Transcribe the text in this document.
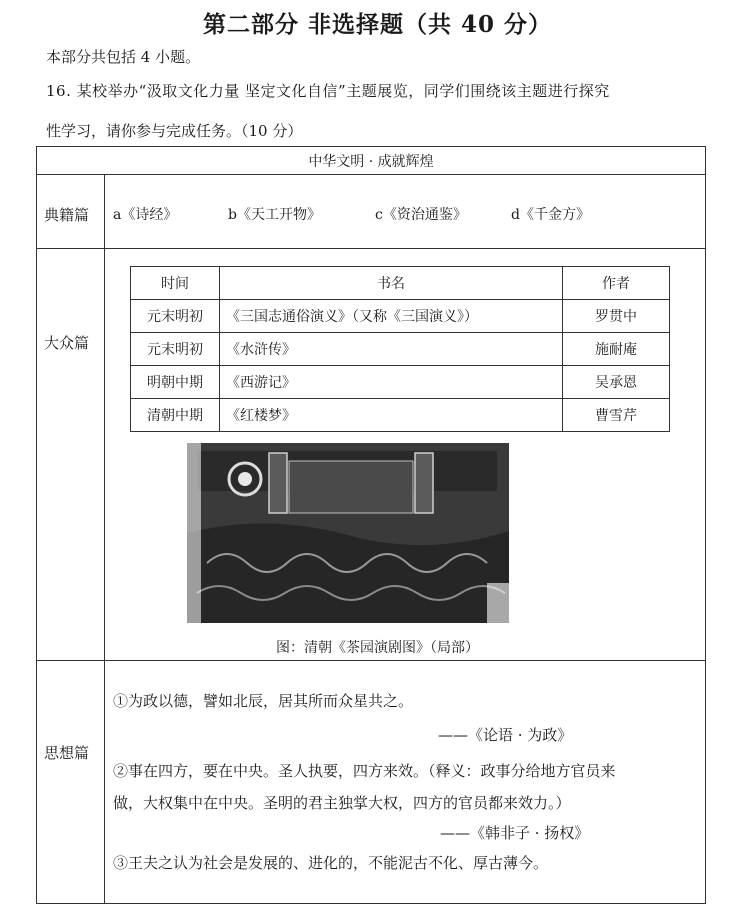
第二部分 非选择题（共 40 分）
本部分共包括 4 小题。
16. 某校举办“汲取文化力量 坚定文化自信”主题展览，同学们围绕该主题进行探究
性学习，请你参与完成任务。（10 分）
中华文明 · 成就辉煌
典籍篇 a《诗经》	b《天工开物》	c《资治通鉴》	d《千金方》
大众篇
时间	书名	作者
元末明初	《三国志通俗演义》（又称《三国演义》）	罗贯中
元末明初	《水浒传》	施耐庵
明朝中期	《西游记》	吴承恩
清朝中期	《红楼梦》	曹雪芹
图：清朝《茶园演剧图》（局部）
思想篇
①为政以德，譬如北辰，居其所而众星共之。
——《论语 · 为政》
②事在四方，要在中央。圣人执要，四方来效。（释义：政事分给地方官员来
做，大权集中在中央。圣明的君主独掌大权，四方的官员都来效力。）
——《韩非子 · 扬权》
③王夫之认为社会是发展的、进化的，不能泥古不化、厚古薄今。
